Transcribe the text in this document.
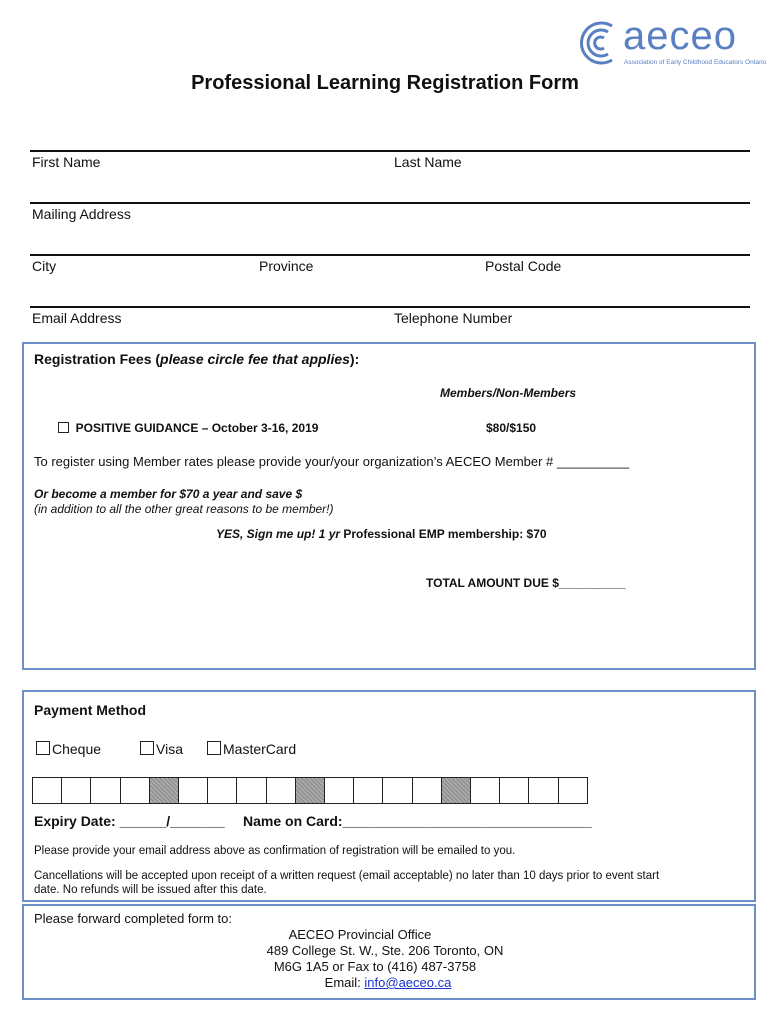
aeceo
Association of Early Childhood Educators Ontario
Professional Learning Registration Form
First Name	Last Name
Mailing Address
City	Province	Postal Code
Email Address	Telephone Number
Registration Fees (please circle fee that applies):
Members/Non-Members
POSITIVE GUIDANCE – October 3-16, 2019	$80/$150
To register using Member rates please provide your/your organization’s AECEO Member # __________
Or become a member for $70 a year and save $
(in addition to all the other great reasons to be member!)
YES, Sign me up! 1 yr Professional EMP membership: $70
TOTAL AMOUNT DUE $__________
Payment Method
Cheque	Visa	MasterCard
Expiry Date: ______/_______ Name on Card:________________________________
Please provide your email address above as confirmation of registration will be emailed to you.
Cancellations will be accepted upon receipt of a written request (email acceptable) no later than 10 days prior to event start
date. No refunds will be issued after this date.
Please forward completed form to:
AECEO Provincial Office
489 College St. W., Ste. 206 Toronto, ON
M6G 1A5 or Fax to (416) 487-3758
Email: info@aeceo.ca
